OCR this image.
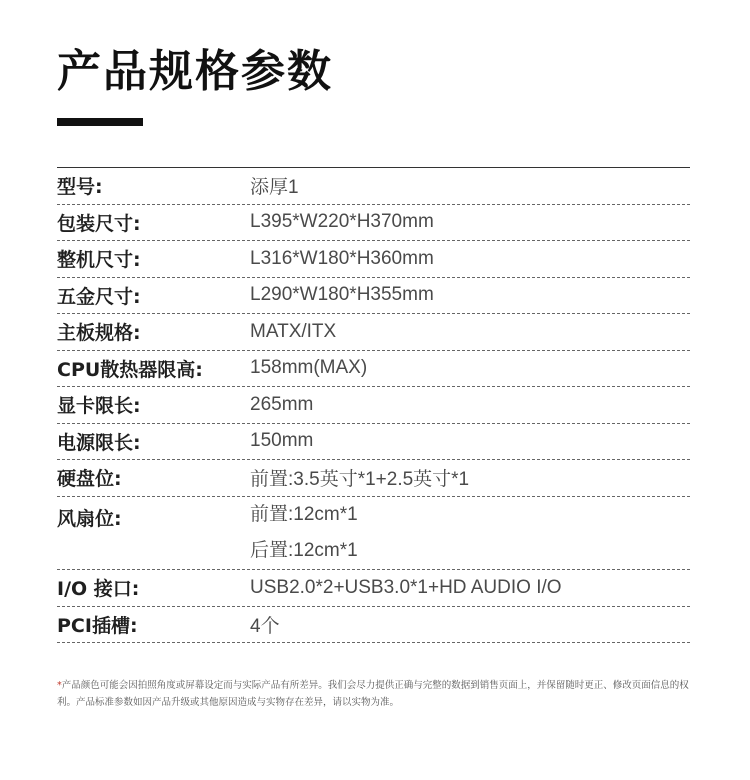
产品规格参数
型号:	添厚1
包装尺寸:	L395*W220*H370mm
整机尺寸:	L316*W180*H360mm
五金尺寸:	L290*W180*H355mm
主板规格:	MATX/ITX
CPU散热器限高:	158mm(MAX)
显卡限长:	265mm
电源限长:	150mm
硬盘位:	前置:3.5英寸*1+2.5英寸*1
风扇位:	前置:12cm*1
后置:12cm*1
I/O 接口:	USB2.0*2+USB3.0*1+HD AUDIO I/O
PCI插槽:	4个
*产品颜色可能会因拍照角度或屏幕设定而与实际产品有所差异。我们会尽力提供正确与完整的数据到销售页面上，并保留随时更正、修改页面信息的权利。产品标准参数如因产品升级或其他原因造成与实物存在差异，请以实物为准。
